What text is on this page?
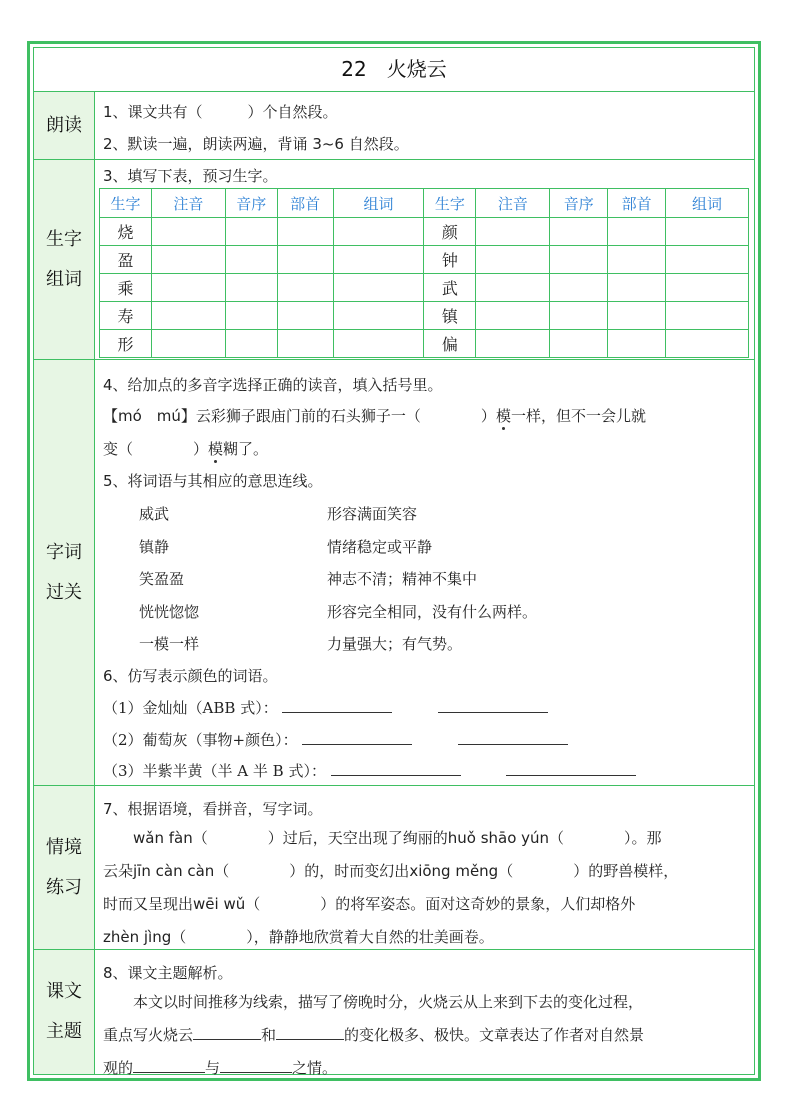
22　火烧云
朗读
1、课文共有（　　　）个自然段。
2、默读一遍，朗读两遍，背诵 3~6 自然段。
生字
组词
3、填写下表，预习生字。
生字	注音	音序	部首	组词	生字	注音	音序	部首	组词
烧					颜				
盈					钟				
乘					武				
寿					镇				
形					偏				
字词
过关
4、给加点的多音字选择正确的读音，填入括号里。
【mó　mú】云彩狮子跟庙门前的石头狮子一（　　　　）模一样，但不一会儿就
变（　　　　）模糊了。
5、将词语与其相应的意思连线。
威武
镇静
笑盈盈
恍恍惚惚
一模一样
形容满面笑容
情绪稳定或平静
神志不清；精神不集中
形容完全相同，没有什么两样。
力量强大；有气势。
6、仿写表示颜色的词语。
（1）金灿灿（ABB 式）：
（2）葡萄灰（事物+颜色）：
（3）半紫半黄（半 A 半 B 式）：
情境
练习
7、根据语境，看拼音，写字词。
wǎn fàn（　　　　）过后，天空出现了绚丽的huǒ shāo yún（　　　　）。那
云朵jīn càn càn（　　　　）的，时而变幻出xiōng měng（　　　　）的野兽模样，
时而又呈现出wēi wǔ（　　　　）的将军姿态。面对这奇妙的景象，人们却格外
zhèn jìng（　　　　），静静地欣赏着大自然的壮美画卷。
课文
主题
8、课文主题解析。
本文以时间推移为线索，描写了傍晚时分，火烧云从上来到下去的变化过程，
重点写火烧云	和	的变化极多、极快。文章表达了作者对自然景
观的	与	之情。
